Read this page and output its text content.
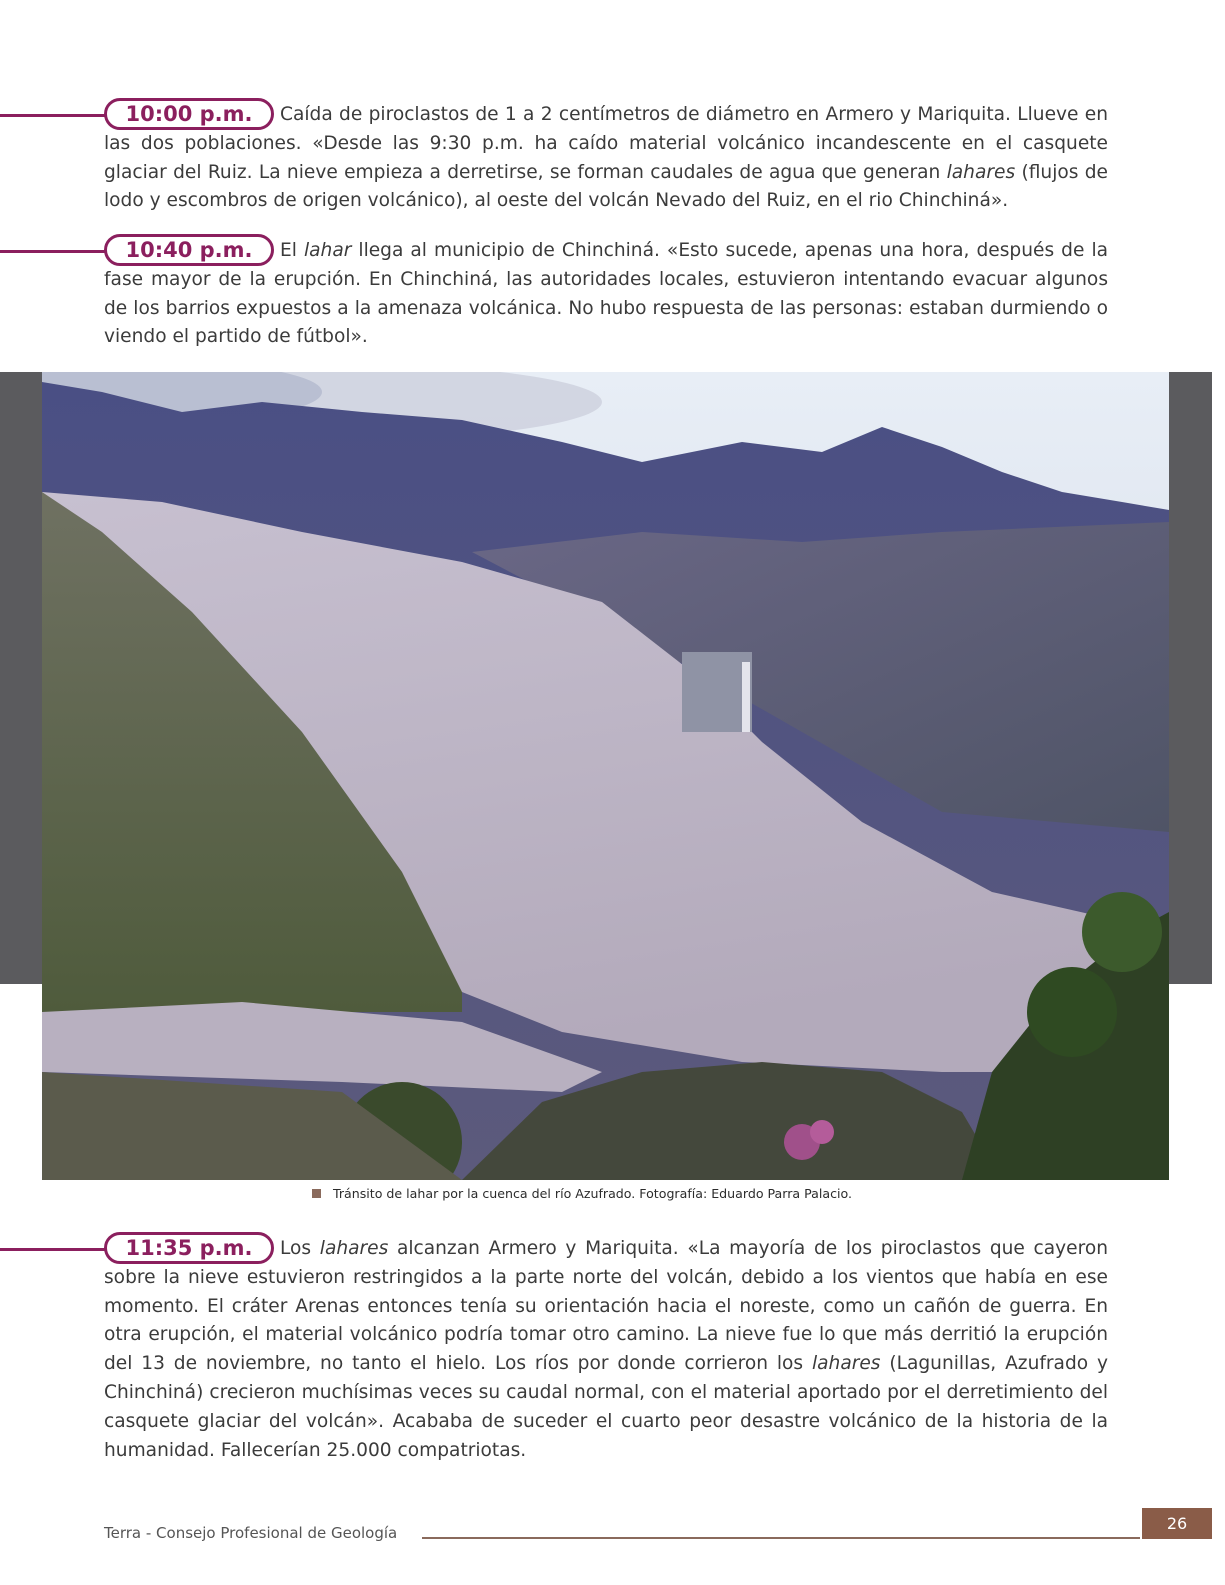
10:00 p.m.	Caída de piroclastos de 1 a 2 centímetros de diámetro en Armero y Mariquita. Llueve en las dos poblaciones. «Desde las 9:30 p.m. ha caído material volcánico incandescente en el casquete glaciar del Ruiz. La nieve empieza a derretirse, se forman caudales de agua que generan lahares (flujos de lodo y escombros de origen volcánico), al oeste del volcán Nevado del Ruiz, en el rio Chinchiná».

10:40 p.m.	El lahar llega al municipio de Chinchiná. «Esto sucede, apenas una hora, después de la fase mayor de la erupción. En Chinchiná, las autoridades locales, estuvieron intentando evacuar algunos de los barrios expuestos a la amenaza volcánica. No hubo respuesta de las personas: estaban durmiendo o viendo el partido de fútbol».

Tránsito de lahar por la cuenca del río Azufrado. Fotografía: Eduardo Parra Palacio.
11:35 p.m.	Los lahares alcanzan Armero y Mariquita. «La mayoría de los piroclastos que cayeron sobre la nieve estuvieron restringidos a la parte norte del volcán, debido a los vientos que había en ese momento. El cráter Arenas entonces tenía su orientación hacia el noreste, como un cañón de guerra. En otra erupción, el material volcánico podría tomar otro camino. La nieve fue lo que más derritió la erupción del 13 de noviembre, no tanto el hielo. Los ríos por donde corrieron los lahares (Lagunillas, Azufrado y Chinchiná) crecieron muchísimas veces su caudal normal, con el material aportado por el derretimiento del casquete glaciar del volcán». Acababa de suceder el cuarto peor desastre volcánico de la historia de la humanidad. Fallecerían 25.000 compatriotas.

Terra - Consejo Profesional de Geología	26
